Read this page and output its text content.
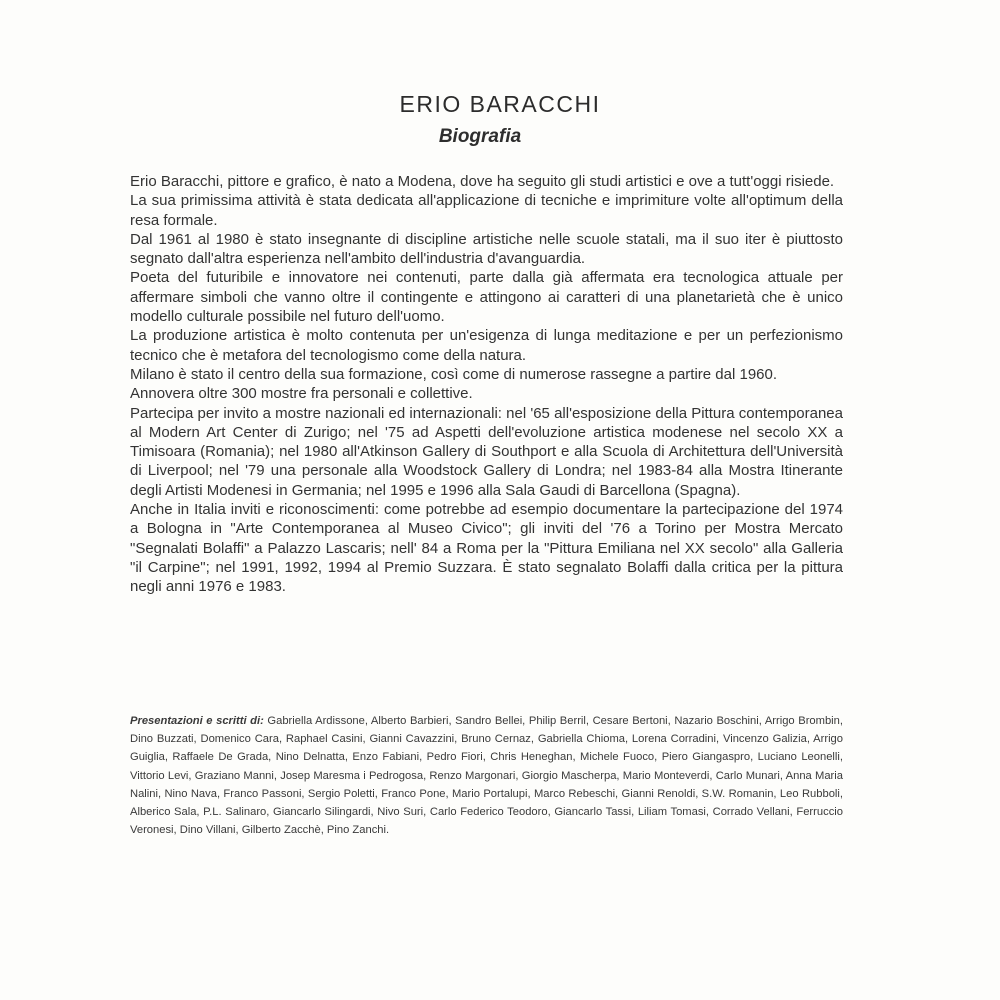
ERIO BARACCHI
Biografia

Erio Baracchi, pittore e grafico, è nato a Modena, dove ha seguito gli studi artistici e ove a tutt'oggi risiede.

La sua primissima attività è stata dedicata all'applicazione di tecniche e imprimiture volte all'optimum della resa formale.

Dal 1961 al 1980 è stato insegnante di discipline artistiche nelle scuole statali, ma il suo iter è piuttosto segnato dall'altra esperienza nell'ambito dell'industria d'avanguardia.

Poeta del futuribile e innovatore nei contenuti, parte dalla già affermata era tecnologica attuale per affermare simboli che vanno oltre il contingente e attingono ai caratteri di una planetarietà che è unico modello culturale possibile nel futuro dell'uomo.

La produzione artistica è molto contenuta per un'esigenza di lunga meditazione e per un perfezionismo tecnico che è metafora del tecnologismo come della natura.

Milano è stato il centro della sua formazione, così come di numerose rassegne a partire dal 1960.

Annovera oltre 300 mostre fra personali e collettive.

Partecipa per invito a mostre nazionali ed internazionali: nel '65 all'esposizione della Pittura contemporanea al Modern Art Center di Zurigo; nel '75 ad Aspetti dell'evoluzione artistica modenese nel secolo XX a Timisoara (Romania); nel 1980 all'Atkinson Gallery di Southport e alla Scuola di Architettura dell'Università di Liverpool; nel '79 una personale alla Woodstock Gallery di Londra; nel 1983-84 alla Mostra Itinerante degli Artisti Modenesi in Germania; nel 1995 e 1996 alla Sala Gaudi di Barcellona (Spagna).

Anche in Italia inviti e riconoscimenti: come potrebbe ad esempio documentare la partecipazione del 1974 a Bologna in "Arte Contemporanea al Museo Civico"; gli inviti del '76 a Torino per Mostra Mercato "Segnalati Bolaffi" a Palazzo Lascaris; nell' 84 a Roma per la "Pittura Emiliana nel XX secolo" alla Galleria "il Carpine"; nel 1991, 1992, 1994 al Premio Suzzara. È stato segnalato Bolaffi dalla critica per la pittura negli anni 1976 e 1983.

Presentazioni e scritti di: Gabriella Ardissone, Alberto Barbieri, Sandro Bellei, Philip Berril, Cesare Bertoni, Nazario Boschini, Arrigo Brombin, Dino Buzzati, Domenico Cara, Raphael Casini, Gianni Cavazzini, Bruno Cernaz, Gabriella Chioma, Lorena Corradini, Vincenzo Galizia, Arrigo Guiglia, Raffaele De Grada, Nino Delnatta, Enzo Fabiani, Pedro Fiori, Chris Heneghan, Michele Fuoco, Piero Giangaspro, Luciano Leonelli, Vittorio Levi, Graziano Manni, Josep Maresma i Pedrogosa, Renzo Margonari, Giorgio Mascherpa, Mario Monteverdi, Carlo Munari, Anna Maria Nalini, Nino Nava, Franco Passoni, Sergio Poletti, Franco Pone, Mario Portalupi, Marco Rebeschi, Gianni Renoldi, S.W. Romanin, Leo Rubboli, Alberico Sala, P.L. Salinaro, Giancarlo Silingardi, Nivo Suri, Carlo Federico Teodoro, Giancarlo Tassi, Liliam Tomasi, Corrado Vellani, Ferruccio Veronesi, Dino Villani, Gilberto Zacchè, Pino Zanchi.
